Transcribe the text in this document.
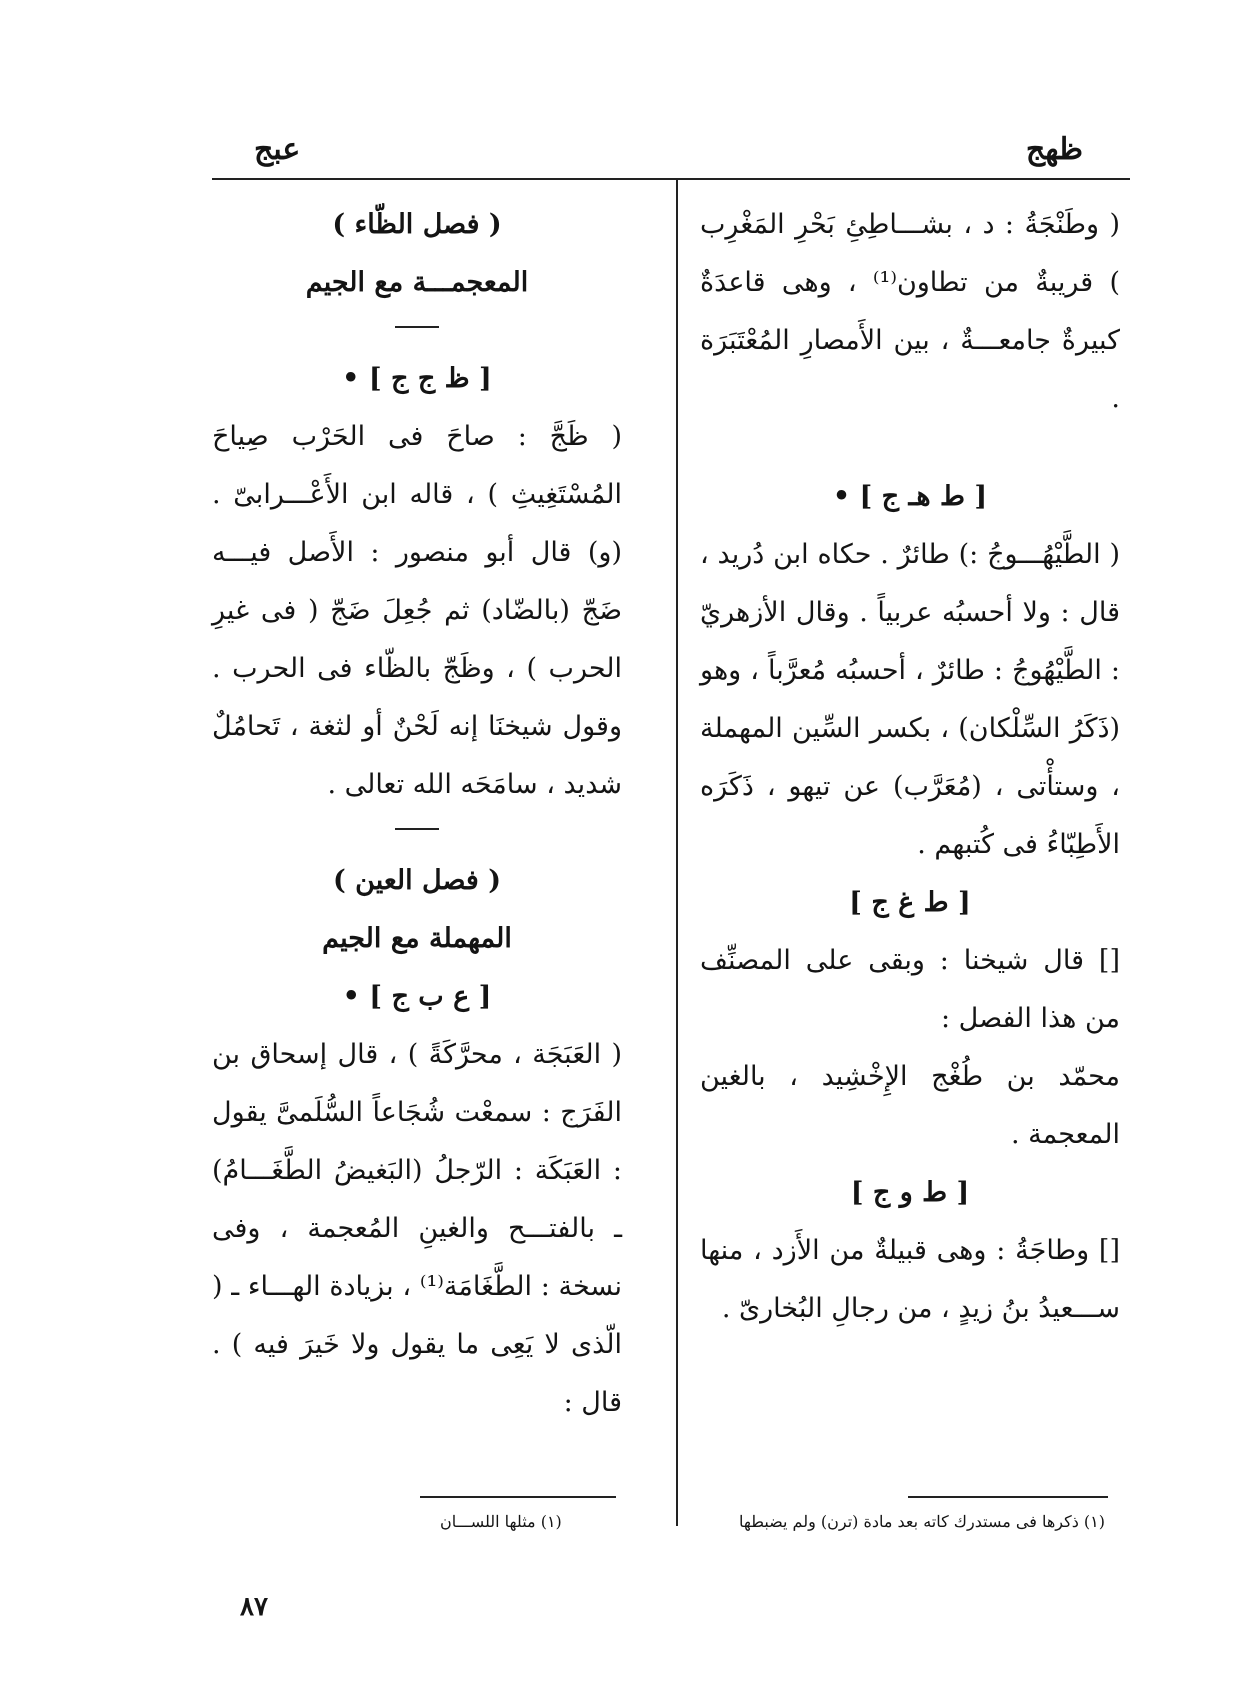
ظهج
عبج

( وطَنْجَةُ : د ، بشـــاطِئِ بَحْرِ المَغْرِب ) قريبةٌ من تطاون⁽¹⁾ ، وهى قاعدَةٌ كبيرةٌ جامعـــةٌ ، بين الأَمصارِ المُعْتَبَرَة .

[ ط هـ ج ] •

( الطَّيْهُـــوجُ :) طائرٌ . حكاه ابن دُريد ، قال : ولا أحسبُه عربياً . وقال الأزهريّ : الطَّيْهُوجُ : طائرٌ ، أحسبُه مُعرَّباً ، وهو (ذَكَرُ السِّلْكان) ، بكسر السِّين المهملة ، وستأْتى ، (مُعَرَّب) عن تيهو ، ذَكَرَه الأَطِبّاءُ فى كُتبهم .

[ ط غ ج ]

[] قال شيخنا : وبقى على المصنِّف من هذا الفصل :

محمّد بن طُغْج الإِخْشِيد ، بالغين المعجمة .

[ ط و ج ]

[] وطاجَةُ : وهى قبيلةٌ من الأَزد ، منها ســـعيدُ بنُ زيدٍ ، من رجالِ البُخارىّ .

( فصل الظّاء )

المعجمـــة مع الجيم

[ ظ ج ج ] •

( ظَجَّ : صاحَ فى الحَرْب صِياحَ المُسْتَغِيثِ ) ، قاله ابن الأَعْـــرابىّ . (و) قال أبو منصور : الأَصل فيـــه ضَجّ (بالضّاد) ثم جُعِلَ ضَجّ ( فى غيرِ الحرب ) ، وظَجّ بالظّاء فى الحرب . وقول شيخنَا إنه لَحْنٌ أو لثغة ، تَحامُلٌ شديد ، سامَحَه الله تعالى .

( فصل العين )

المهملة مع الجيم

[ ع ب ج ] •

( العَبَجَة ، محرَّكَةً ) ، قال إسحاق بن الفَرَج : سمعْت شُجَاعاً السُّلَمىَّ يقول : العَبَكَة : الرّجلُ (البَغيضُ الطَّغَـــامُ) ـ بالفتـــح والغينِ المُعجمة ، وفى نسخة : الطَّغَامَة⁽¹⁾ ، بزيادة الهـــاء ـ ( الّذى لا يَعِى ما يقول ولا خَيرَ فيه ) . قال :

(١) ذكرها فى مستدرك ك‍اته بعد مادة (ترن) ولم يضبطها
(١) مثلها اللســـان
٨٧
